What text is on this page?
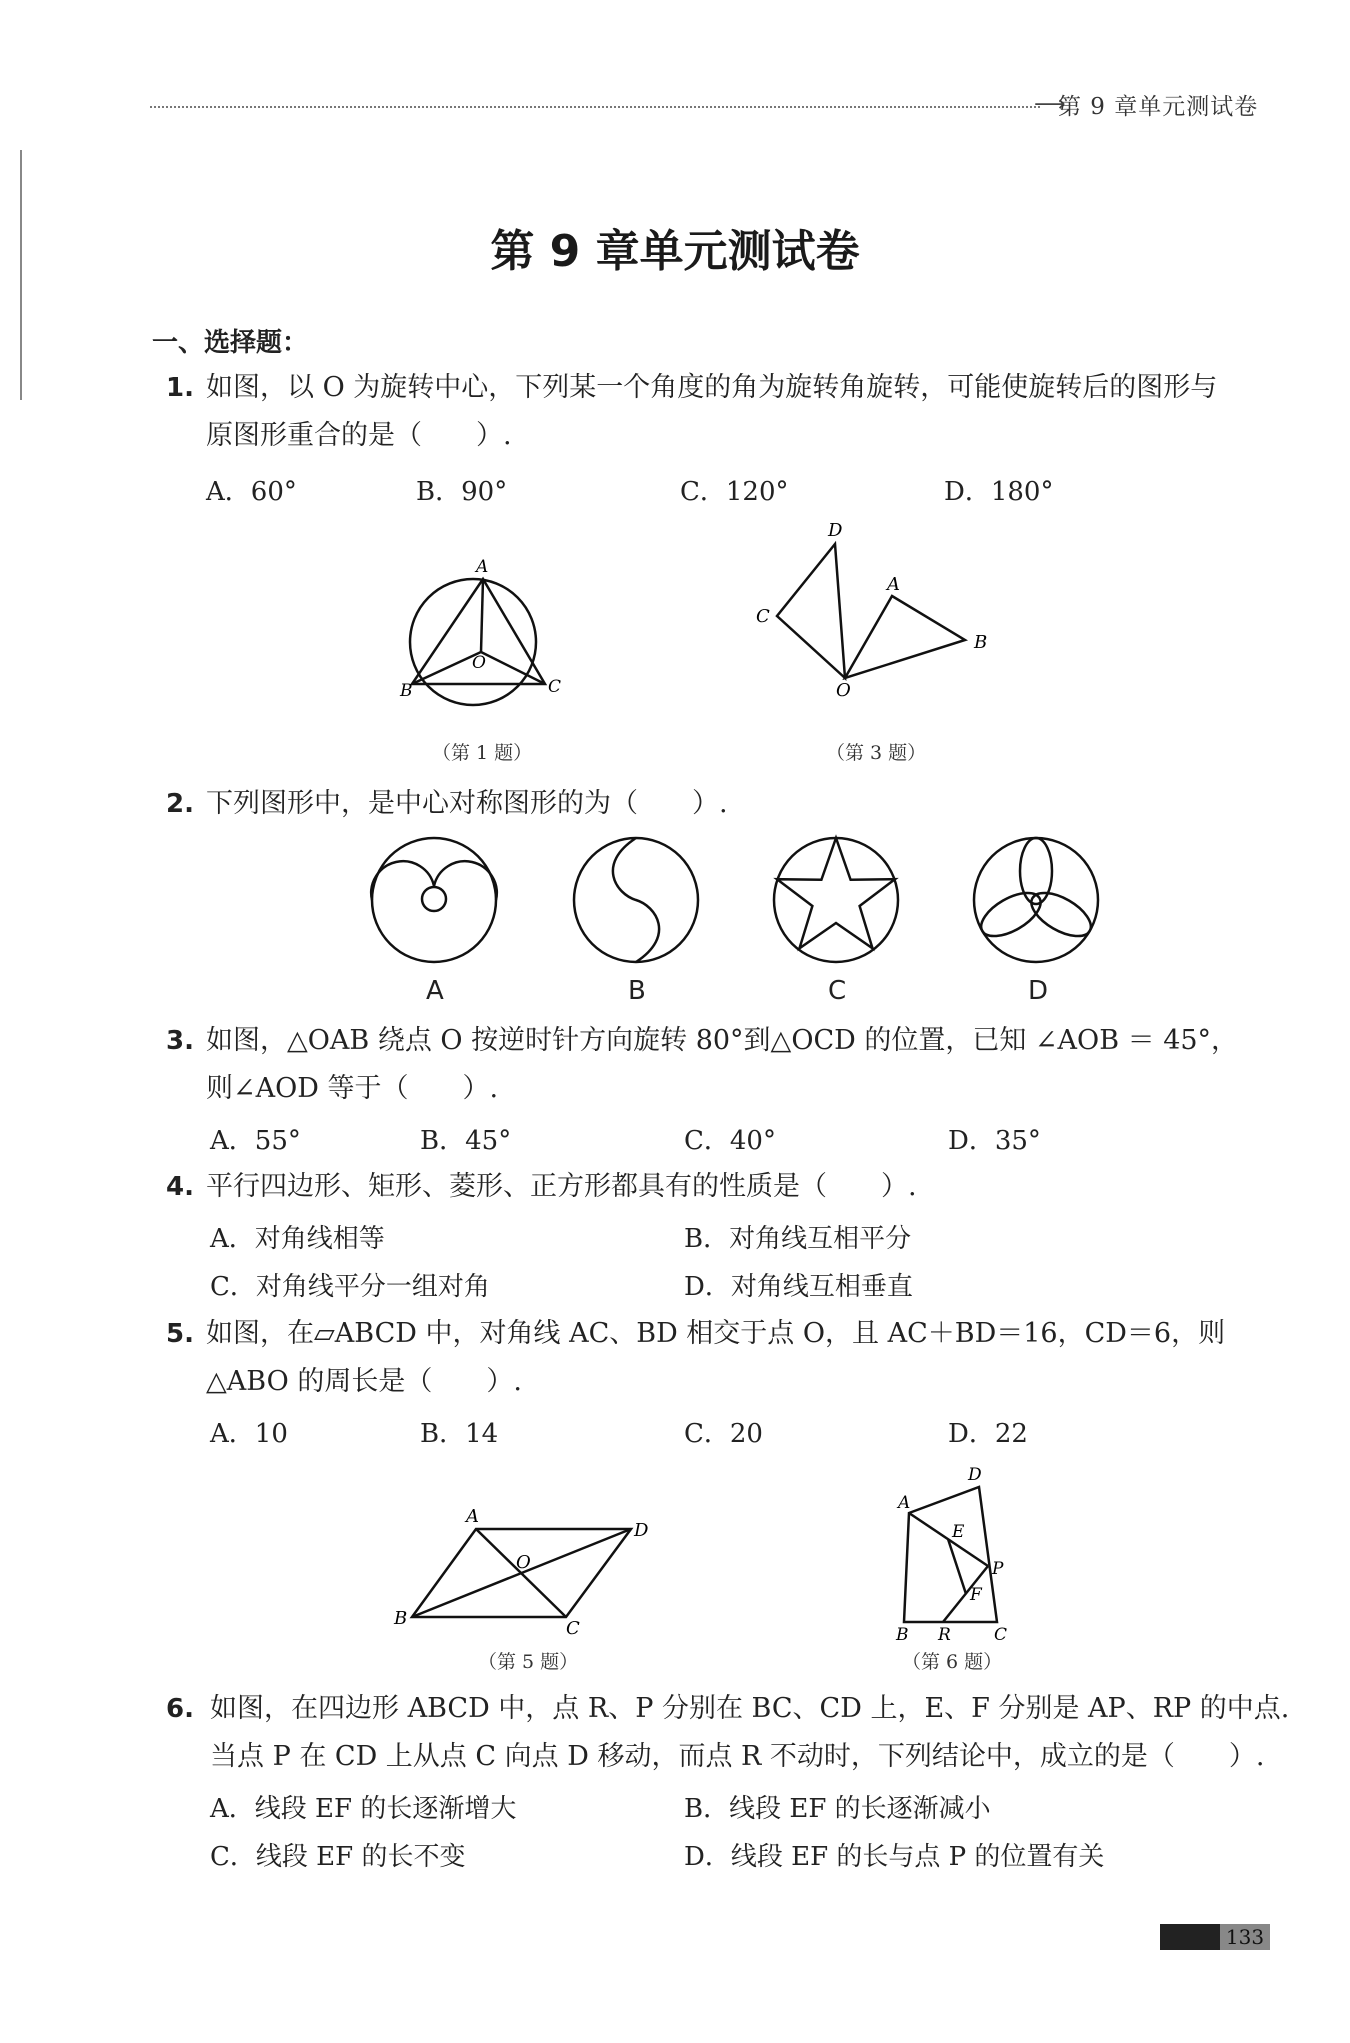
⟶
第 9 章单元测试卷
第 9 章单元测试卷
一、选择题：
1. 如图，以 O 为旋转中心，下列某一个角度的角为旋转角旋转，可能使旋转后的图形与
原图形重合的是（　　）.
A．60°	B．90°	C．120°	D．180°
A
B	C
O
（第 1 题）
D
C
A
B
O
（第 3 题）
2. 下列图形中，是中心对称图形的为（　　）.
A	B	C	D
3. 如图，△OAB 绕点 O 按逆时针方向旋转 80°到△OCD 的位置，已知 ∠AOB ＝ 45°，
则∠AOD 等于（　　）.
A．55°	B．45°	C．40°	D．35°
4. 平行四边形、矩形、菱形、正方形都具有的性质是（　　）.
A．对角线相等	B．对角线互相平分
C．对角线平分一组对角	D．对角线互相垂直
5. 如图，在▱ABCD 中，对角线 AC、BD 相交于点 O，且 AC＋BD＝16，CD＝6，则
△ABO 的周长是（　　）.
A．10	B．14	C．20	D．22
A
D
B	C
O
（第 5 题）
D
A
E
P
F
B R	C
（第 6 题）
6. 如图，在四边形 ABCD 中，点 R、P 分别在 BC、CD 上，E、F 分别是 AP、RP 的中点.
当点 P 在 CD 上从点 C 向点 D 移动，而点 R 不动时，下列结论中，成立的是（　　）.
A．线段 EF 的长逐渐增大	B．线段 EF 的长逐渐减小
C．线段 EF 的长不变	D．线段 EF 的长与点 P 的位置有关
133
